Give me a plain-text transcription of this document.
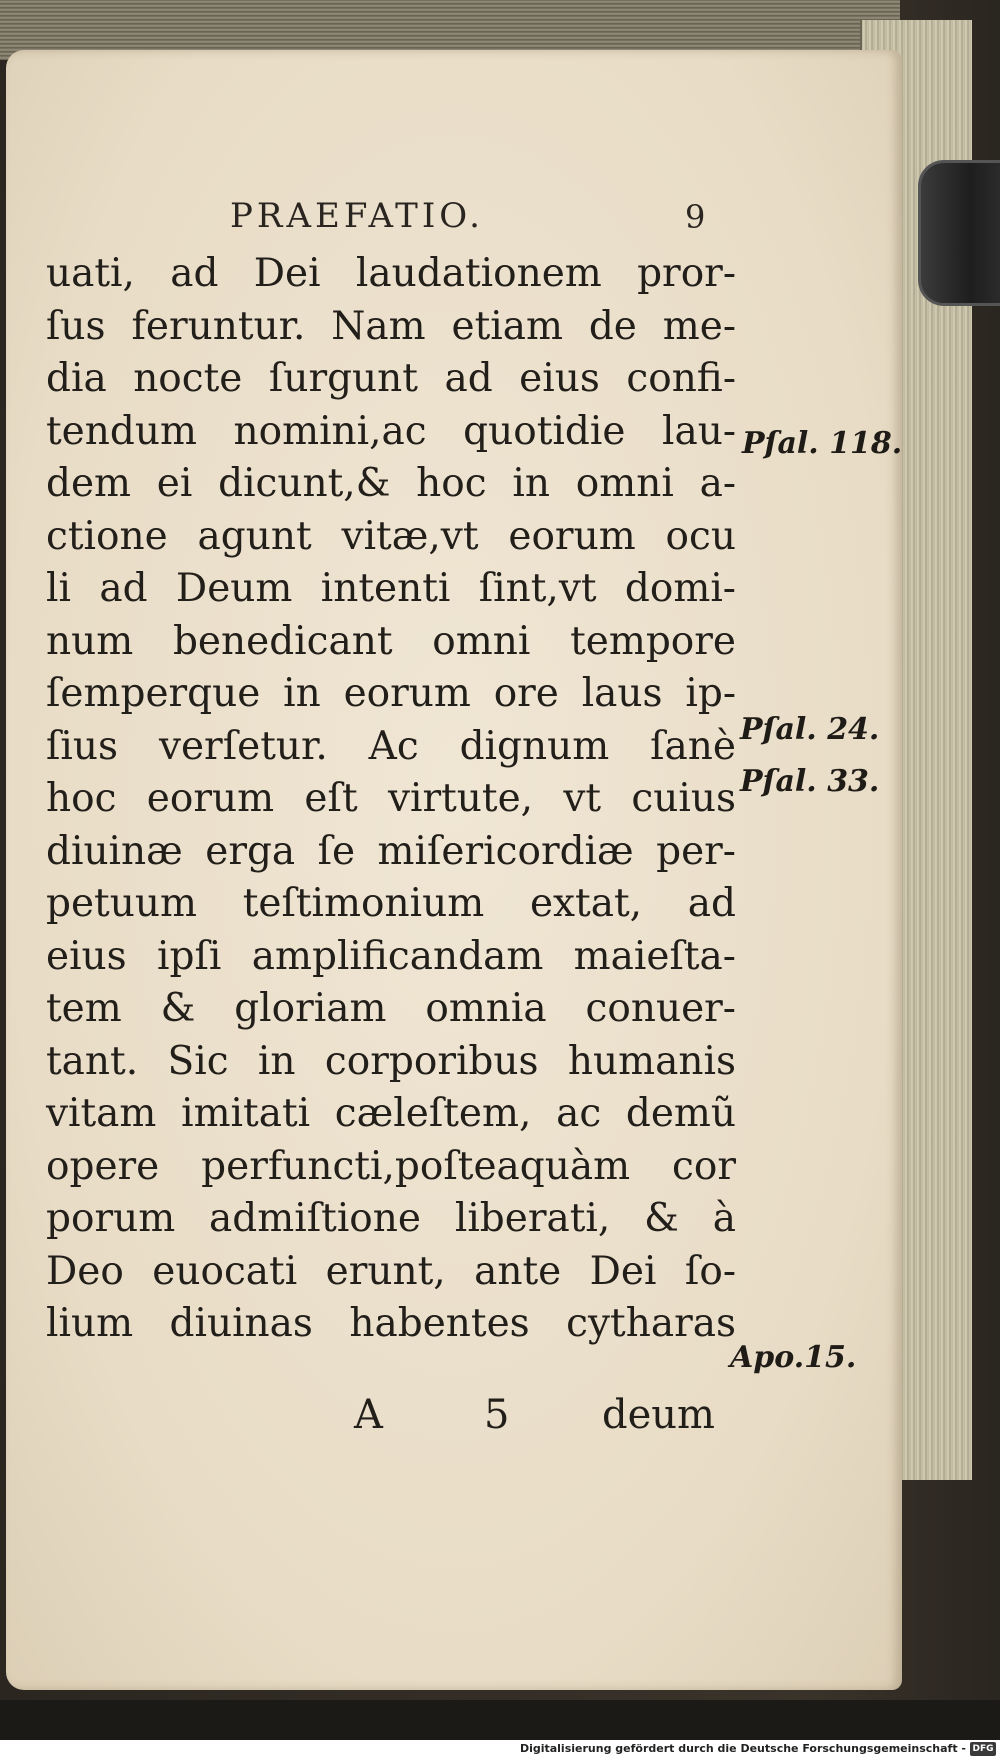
PRAEFATIO.	9
uati, ad Dei laudationem pror-
ſus feruntur. Nam etiam de me-
dia nocte ſurgunt ad eius confi-
tendum nomini,ac quotidie lau-
dem ei dicunt,& hoc in omni a-
ctione agunt vitæ,vt eorum ocu
li ad Deum intenti ſint,vt domi-
num benedicant omni tempore
ſemperque in eorum ore laus ip-
ſius verſetur. Ac dignum ſanè
hoc eorum eſt virtute, vt cuius
diuinæ erga ſe miſericordiæ per-
petuum teſtimonium extat, ad
eius ipſi amplificandam maieſta-
tem & gloriam omnia conuer-
tant. Sic in corporibus humanis
vitam imitati cæleſtem, ac demũ
opere perfuncti,poſteaquàm cor
porum admiſtione liberati, & à
Deo euocati erunt, ante Dei ſo-
lium diuinas habentes cytharas
Pſal. 118.
Pſal. 24.
Pſal. 33.
Apo.15.
A	5 deum
Digitalisierung gefördert durch die Deutsche Forschungsgemeinschaft - DFG
